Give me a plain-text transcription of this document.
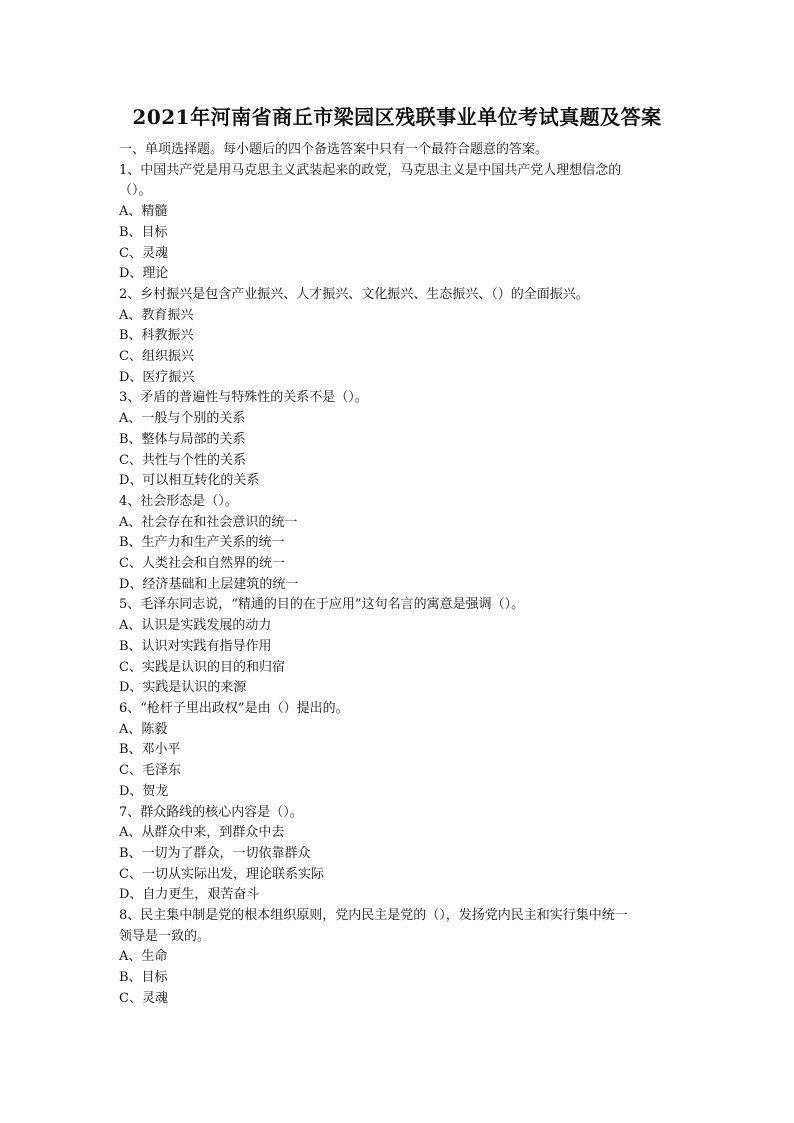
2021年河南省商丘市梁园区残联事业单位考试真题及答案

一、单项选择题。每小题后的四个备选答案中只有一个最符合题意的答案。

1、中国共产党是用马克思主义武装起来的政党，马克思主义是中国共产党人理想信念的

（）。

A、精髓

B、目标

C、灵魂

D、理论

2、乡村振兴是包含产业振兴、人才振兴、文化振兴、生态振兴、（）的全面振兴。

A、教育振兴

B、科教振兴

C、组织振兴

D、医疗振兴

3、矛盾的普遍性与特殊性的关系不是（）。

A、一般与个别的关系

B、整体与局部的关系

C、共性与个性的关系

D、可以相互转化的关系

4、社会形态是（）。

A、社会存在和社会意识的统一

B、生产力和生产关系的统一

C、人类社会和自然界的统一

D、经济基础和上层建筑的统一

5、毛泽东同志说，“精通的目的在于应用”这句名言的寓意是强调（）。

A、认识是实践发展的动力

B、认识对实践有指导作用

C、实践是认识的目的和归宿

D、实践是认识的来源

6、“枪杆子里出政权”是由（）提出的。

A、陈毅

B、邓小平

C、毛泽东

D、贺龙

7、群众路线的核心内容是（）。

A、从群众中来，到群众中去

B、一切为了群众，一切依靠群众

C、一切从实际出发，理论联系实际

D、自力更生，艰苦奋斗

8、民主集中制是党的根本组织原则，党内民主是党的（），发扬党内民主和实行集中统一

领导是一致的。

A、生命

B、目标

C、灵魂
